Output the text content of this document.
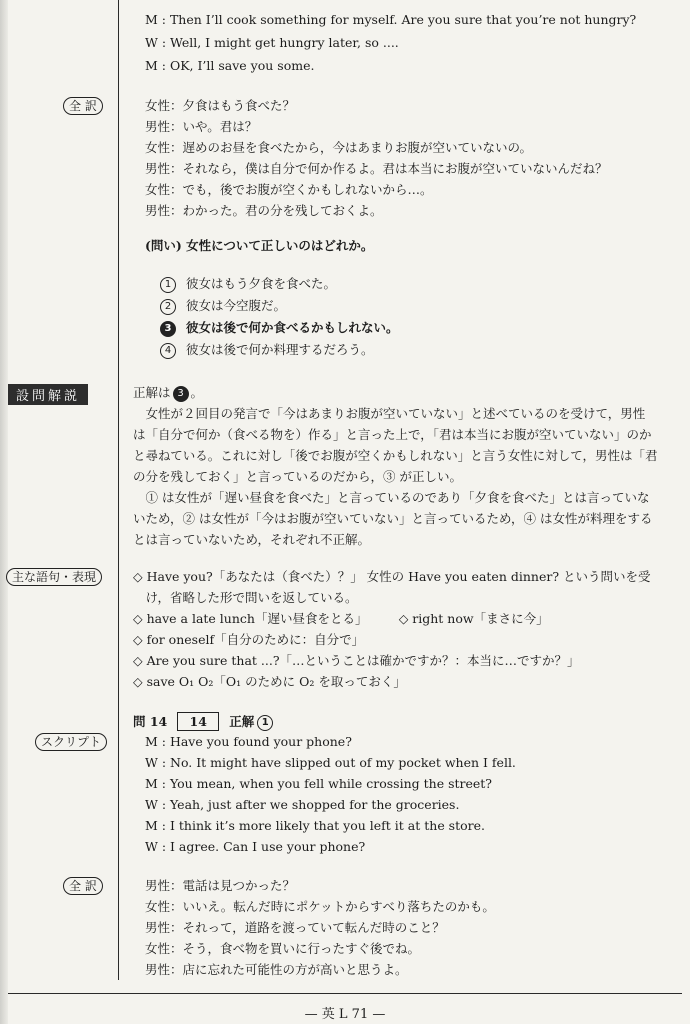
M : Then I’ll cook something for myself. Are you sure that you’re not hungry?
W : Well, I might get hungry later, so ....
M : OK, I’ll save you some.
全 訳	女性：夕食はもう食べた？
男性：いや。君は？
女性：遅めのお昼を食べたから，今はあまりお腹が空いていないの。
男性：それなら，僕は自分で何か作るよ。君は本当にお腹が空いていないんだね？
女性：でも，後でお腹が空くかもしれないから…。
男性：わかった。君の分を残しておくよ。
(問い) 女性について正しいのはどれか。
1 彼女はもう夕食を食べた。
2 彼女は今空腹だ。
3 彼女は後で何か食べるかもしれない。
4 彼女は後で何か料理するだろう。
設問解説	正解は 3 。
　女性が２回目の発言で「今はあまりお腹が空いていない」と述べているのを受けて，男性
は「自分で何か（食べる物を）作る」と言った上で，「君は本当にお腹が空いていない」のか
と尋ねている。これに対し「後でお腹が空くかもしれない」と言う女性に対して，男性は「君
の分を残しておく」と言っているのだから，③ が正しい。
　① は女性が「遅い昼食を食べた」と言っているのであり「夕食を食べた」とは言っていな
いため，② は女性が「今はお腹が空いていない」と言っているため，④ は女性が料理をする
とは言っていないため，それぞれ不正解。
主な語句・表現	◇ Have you?「あなたは（食べた）？」 女性の Have you eaten dinner? という問いを受
　け，省略した形で問いを返している。
◇ have a late lunch「遅い昼食をとる」　　　◇ right now「まさに今」
◇ for oneself「自分のために：自分で」
◇ Are you sure that ...?「…ということは確かですか？：本当に…ですか？」
◇ save O₁ O₂「O₁ のために O₂ を取っておく」
問 14 14 正解 1
スクリプト	M : Have you found your phone?
W : No. It might have slipped out of my pocket when I fell.
M : You mean, when you fell while crossing the street?
W : Yeah, just after we shopped for the groceries.
M : I think it’s more likely that you left it at the store.
W : I agree. Can I use your phone?
全 訳	男性：電話は見つかった？
女性：いいえ。転んだ時にポケットからすべり落ちたのかも。
男性：それって，道路を渡っていて転んだ時のこと？
女性：そう，食べ物を買いに行ったすぐ後でね。
男性：店に忘れた可能性の方が高いと思うよ。
— 英 L 71 —
